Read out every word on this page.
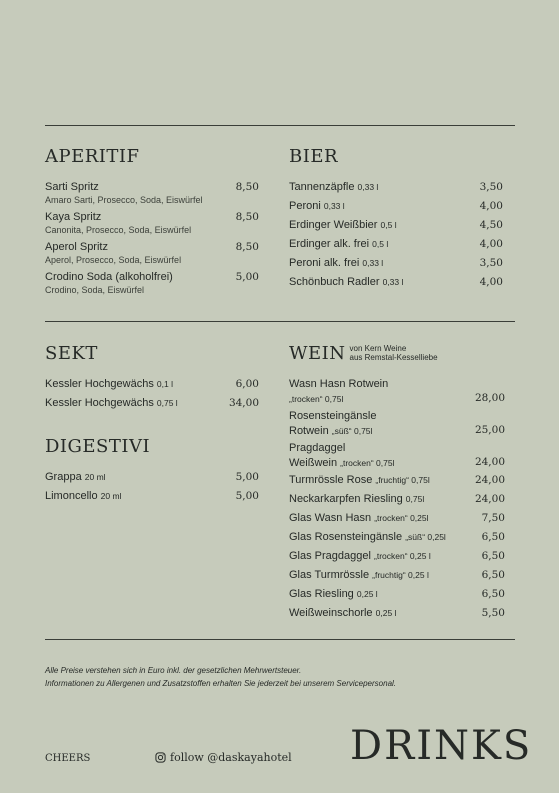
APERITIF
Sarti Spritz
Amaro Sarti, Prosecco, Soda, Eiswürfel
8,50
Kaya Spritz
Canonita, Prosecco, Soda, Eiswürfel
8,50
Aperol Spritz
Aperol, Prosecco, Soda, Eiswürfel
8,50
Crodino Soda (alkoholfrei)
Crodino, Soda, Eiswürfel
5,00
BIER
Tannenzäpfle 0,33 l	3,50
Peroni 0,33 l	4,00
Erdinger Weißbier 0,5 l	4,50
Erdinger alk. frei 0,5 l	4,00
Peroni alk. frei 0,33 l	3,50
Schönbuch Radler 0,33 l	4,00
SEKT
Kessler Hochgewächs 0,1 l	6,00
Kessler Hochgewächs 0,75 l	34,00
DIGESTIVI
Grappa 20 ml	5,00
Limoncello 20 ml	5,00
WEIN von Kern Weine
aus Remstal-Kesselliebe
Wasn Hasn Rotwein
„trocken“ 0,75l	28,00
Rosensteingänsle
Rotwein „süß“ 0,75l	25,00
Pragdaggel
Weißwein „trocken“ 0,75l	24,00
Turmrössle Rose „fruchtig“ 0,75l	24,00
Neckarkarpfen Riesling 0,75l	24,00
Glas Wasn Hasn „trocken“ 0,25l	7,50
Glas Rosensteingänsle „süß“ 0,25l	6,50
Glas Pragdaggel „trocken“ 0,25 l	6,50
Glas Turmrössle „fruchtig“ 0,25 l	6,50
Glas Riesling 0,25 l	6,50
Weißweinschorle 0,25 l	5,50
Alle Preise verstehen sich in Euro inkl. der gesetzlichen Mehrwertsteuer.
Informationen zu Allergenen und Zusatzstoffen erhalten Sie jederzeit bei unserem Servicepersonal.
CHEERS	follow @daskayahotel DRINKS
